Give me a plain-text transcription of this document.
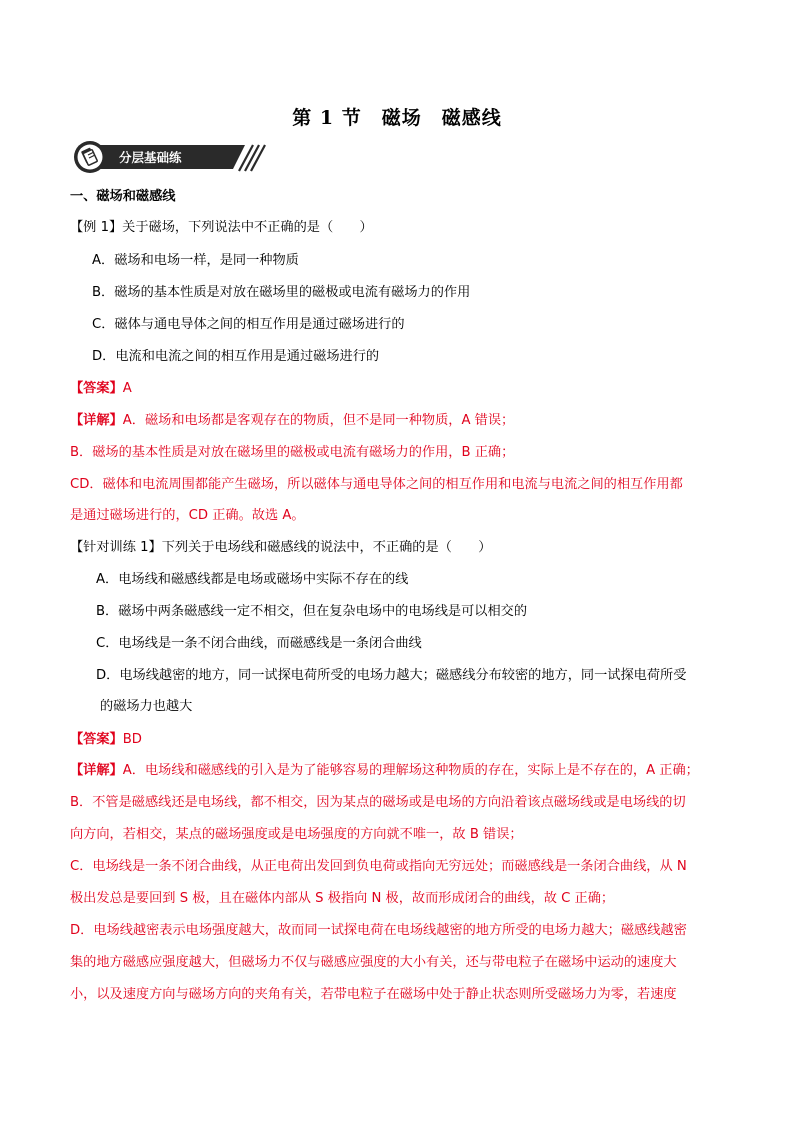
第 1 节　磁场　磁感线
分层基础练
一、磁场和磁感线
【例 1】关于磁场，下列说法中不正确的是（　　）
A．磁场和电场一样，是同一种物质
B．磁场的基本性质是对放在磁场里的磁极或电流有磁场力的作用
C．磁体与通电导体之间的相互作用是通过磁场进行的
D．电流和电流之间的相互作用是通过磁场进行的
【答案】A
【详解】A．磁场和电场都是客观存在的物质，但不是同一种物质，A 错误；
B．磁场的基本性质是对放在磁场里的磁极或电流有磁场力的作用，B 正确；
CD．磁体和电流周围都能产生磁场，所以磁体与通电导体之间的相互作用和电流与电流之间的相互作用都
是通过磁场进行的，CD 正确。故选 A。
【针对训练 1】下列关于电场线和磁感线的说法中，不正确的是（　　）
A．电场线和磁感线都是电场或磁场中实际不存在的线
B．磁场中两条磁感线一定不相交，但在复杂电场中的电场线是可以相交的
C．电场线是一条不闭合曲线，而磁感线是一条闭合曲线
D．电场线越密的地方，同一试探电荷所受的电场力越大；磁感线分布较密的地方，同一试探电荷所受
的磁场力也越大
【答案】BD
【详解】A．电场线和磁感线的引入是为了能够容易的理解场这种物质的存在，实际上是不存在的，A 正确；
B．不管是磁感线还是电场线，都不相交，因为某点的磁场或是电场的方向沿着该点磁场线或是电场线的切
向方向，若相交，某点的磁场强度或是电场强度的方向就不唯一，故 B 错误；
C．电场线是一条不闭合曲线，从正电荷出发回到负电荷或指向无穷远处；而磁感线是一条闭合曲线，从 N
极出发总是要回到 S 极，且在磁体内部从 S 极指向 N 极，故而形成闭合的曲线，故 C 正确；
D．电场线越密表示电场强度越大，故而同一试探电荷在电场线越密的地方所受的电场力越大；磁感线越密
集的地方磁感应强度越大，但磁场力不仅与磁感应强度的大小有关，还与带电粒子在磁场中运动的速度大
小，以及速度方向与磁场方向的夹角有关，若带电粒子在磁场中处于静止状态则所受磁场力为零，若速度
